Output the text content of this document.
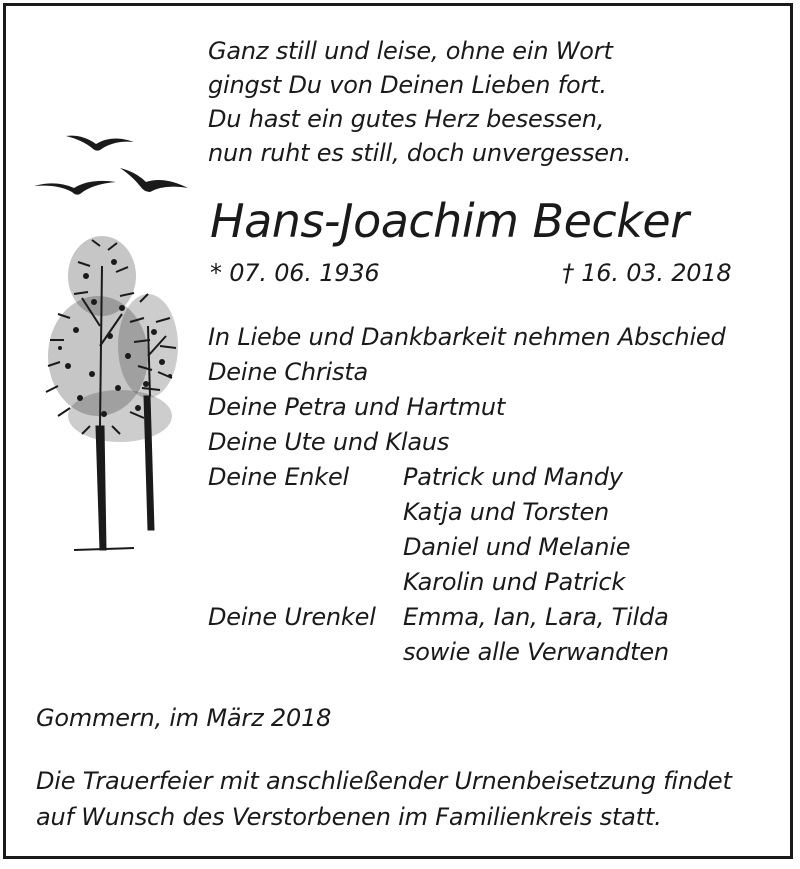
Ganz still und leise, ohne ein Wort
gingst Du von Deinen Lieben fort.
Du hast ein gutes Herz besessen,
nun ruht es still, doch unvergessen.
Hans-Joachim Becker
* 07. 06. 1936	† 16. 03. 2018
In Liebe und Dankbarkeit nehmen Abschied
Deine Christa
Deine Petra und Hartmut
Deine Ute und Klaus
Deine Enkel	Patrick und Mandy
Katja und Torsten
Daniel und Melanie
Karolin und Patrick
Deine Urenkel	Emma, Ian, Lara, Tilda
sowie alle Verwandten
Gommern, im März 2018
Die Trauerfeier mit anschließender Urnenbeisetzung findet
auf Wunsch des Verstorbenen im Familienkreis statt.
